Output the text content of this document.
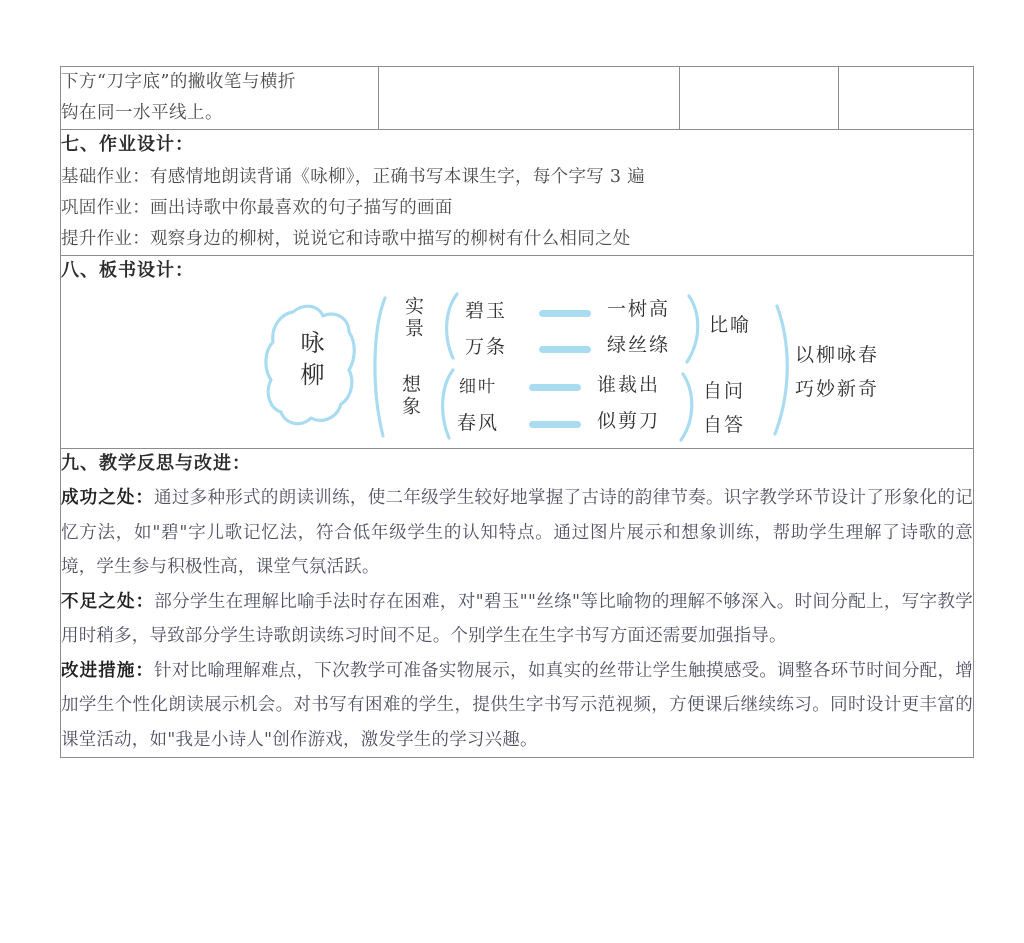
下方“刀字底”的撇收笔与横折
钩在同一水平线上。

七、作业设计：
基础作业：有感情地朗读背诵《咏柳》，正确书写本课生字，每个字写 3 遍
巩固作业：画出诗歌中你最喜欢的句子描写的画面
提升作业：观察身边的柳树，说说它和诗歌中描写的柳树有什么相同之处

八、板书设计：
咏柳
实景
想象
碧玉
万条
细叶
春风
一树高
绿丝绦
谁裁出
似剪刀
比喻
自问
自答
以柳咏春
巧妙新奇

九、教学反思与改进：

成功之处：通过多种形式的朗读训练，使二年级学生较好地掌握了古诗的韵律节奏。识字教学环节设计了形象化的记忆方法，如"碧"字儿歌记忆法，符合低年级学生的认知特点。通过图片展示和想象训练，帮助学生理解了诗歌的意境，学生参与积极性高，课堂气氛活跃。

不足之处：部分学生在理解比喻手法时存在困难，对"碧玉""丝绦"等比喻物的理解不够深入。时间分配上，写字教学用时稍多，导致部分学生诗歌朗读练习时间不足。个别学生在生字书写方面还需要加强指导。

改进措施：针对比喻理解难点，下次教学可准备实物展示，如真实的丝带让学生触摸感受。调整各环节时间分配，增加学生个性化朗读展示机会。对书写有困难的学生，提供生字书写示范视频，方便课后继续练习。同时设计更丰富的课堂活动，如"我是小诗人"创作游戏，激发学生的学习兴趣。
